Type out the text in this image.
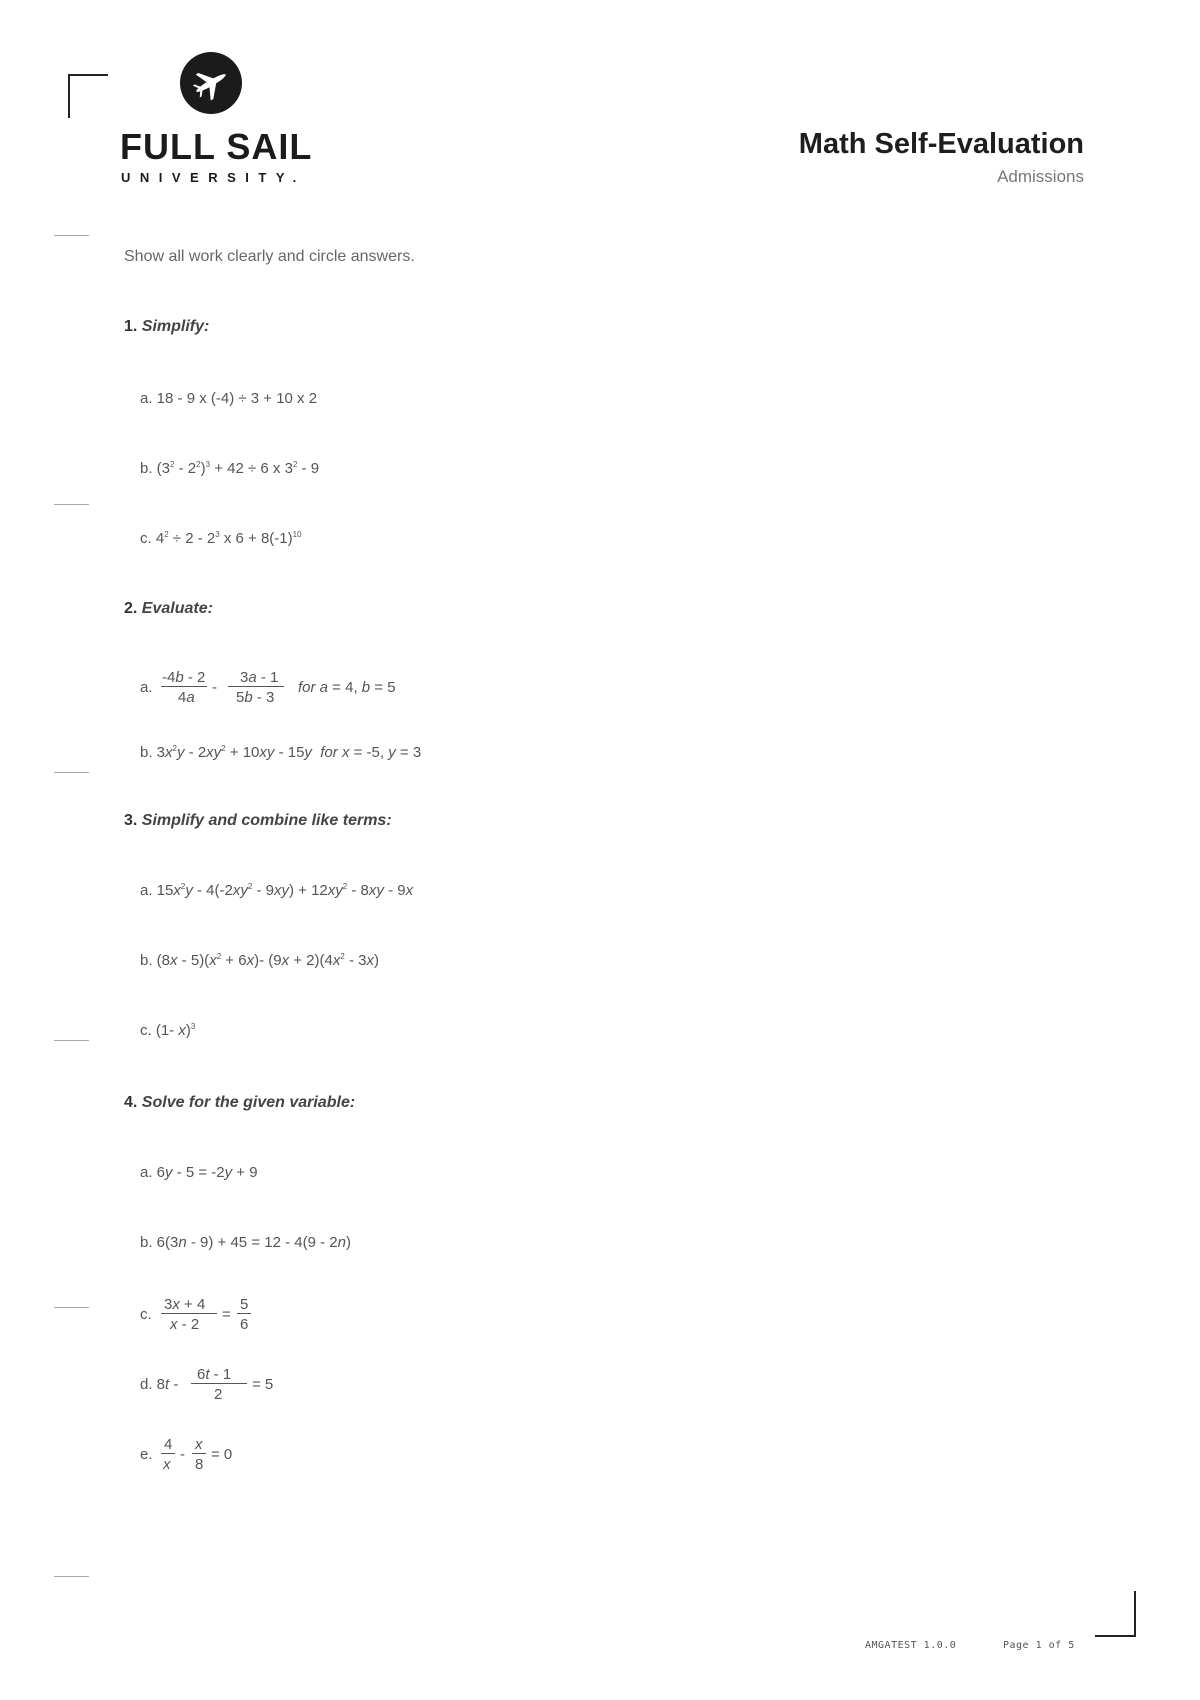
FULL SAIL
UNIVERSITY.
Math Self-Evaluation
Admissions
Show all work clearly and circle answers.
1. Simplify:
a. 18 - 9 x (-4) ÷ 3 + 10 x 2
b. $(3^2 - 2^2)^3 + 42 \div 6$ x $3^2 - 9$
c. $4^2 \div 2 - 2^3$ x $6 + 8(-1)^{10}$
2. Evaluate:
a.
-4b - 2
4a
-
3a - 1
5b - 3
for a = 4, b = 5
b. $3x^2y - 2xy^2 + 10xy - 15y$ for x = -5, y = 3
3. Simplify and combine like terms:
a. $15x^2y - 4(-2xy^2 - 9xy) + 12xy^2 - 8xy - 9x$
b. $(8x - 5)(x^2 + 6x)-$ $(9x + 2)(4x^2 - 3x)$
c. (1- x)$^3$
4. Solve for the given variable:
a. 6y - 5 = -2y + 9
b. 6(3n - 9) + 45 = 12 - 4(9 - 2n)
c.
3x + 4
x - 2
=
5
6
d. 8t -
6t - 1
2
= 5
e.
4
x
-
x
8
= 0
AMGATEST 1.0.0	Page 1 of 5
